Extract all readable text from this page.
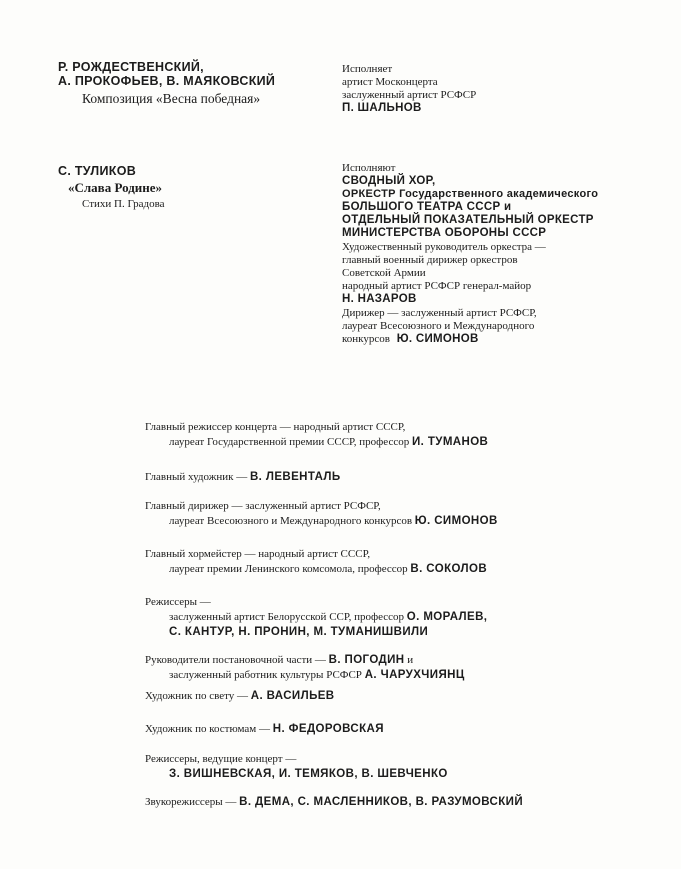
Р. РОЖДЕСТВЕНСКИЙ,
А. ПРОКОФЬЕВ, В. МАЯКОВСКИЙ
Композиция «Весна победная»
Исполняет
артист Москонцерта
заслуженный артист РСФСР
П. ШАЛЬНОВ
С. ТУЛИКОВ
«Слава Родине»
Стихи П. Градова
Исполняют
СВОДНЫЙ ХОР,
ОРКЕСТР Государственного академического
БОЛЬШОГО ТЕАТРА СССР и
ОТДЕЛЬНЫЙ ПОКАЗАТЕЛЬНЫЙ ОРКЕСТР
МИНИСТЕРСТВА ОБОРОНЫ СССР
Художественный руководитель оркестра —
главный военный дирижер оркестров
Советской Армии
народный артист РСФСР генерал-майор
Н. НАЗАРОВ
Дирижер — заслуженный артист РСФСР,
лауреат Всесоюзного и Международного
конкурсов Ю. СИМОНОВ
Главный режиссер концерта — народный артист СССР,
лауреат Государственной премии СССР, профессор И. ТУМАНОВ
Главный художник — В. ЛЕВЕНТАЛЬ
Главный дирижер — заслуженный артист РСФСР,
лауреат Всесоюзного и Международного конкурсов Ю. СИМОНОВ
Главный хормейстер — народный артист СССР,
лауреат премии Ленинского комсомола, профессор В. СОКОЛОВ
Режиссеры —
заслуженный артист Белорусской ССР, профессор О. МОРАЛЕВ,
С. КАНТУР, Н. ПРОНИН, М. ТУМАНИШВИЛИ
Руководители постановочной части — В. ПОГОДИН и
заслуженный работник культуры РСФСР А. ЧАРУХЧИЯНЦ
Художник по свету — А. ВАСИЛЬЕВ
Художник по костюмам — Н. ФЕДОРОВСКАЯ
Режиссеры, ведущие концерт —
З. ВИШНЕВСКАЯ, И. ТЕМЯКОВ, В. ШЕВЧЕНКО
Звукорежиссеры — В. ДЕМА, С. МАСЛЕННИКОВ, В. РАЗУМОВСКИЙ
